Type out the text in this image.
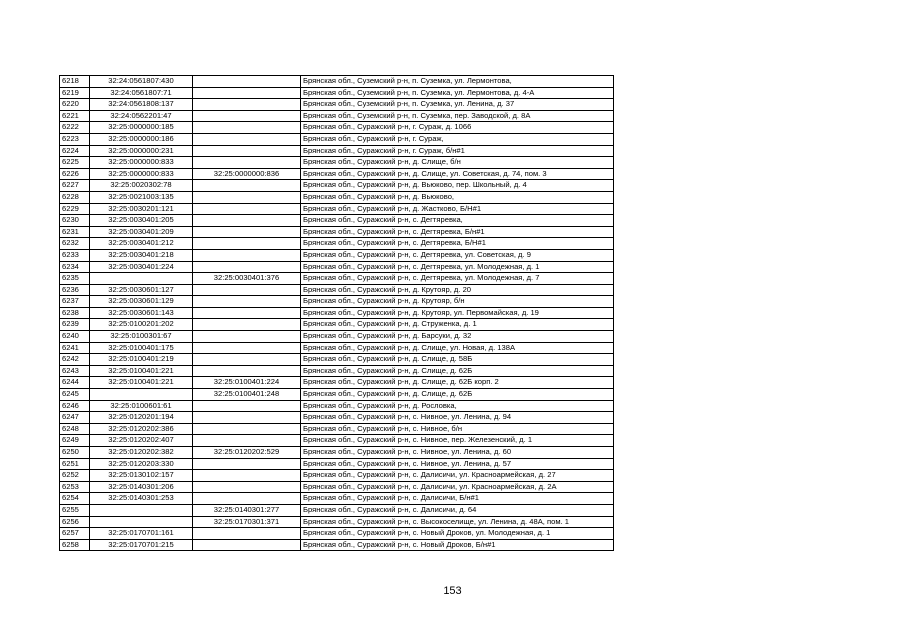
6218	32:24:0561807:430		Брянская обл., Суземский р-н, п. Суземка, ул. Лермонтова,
6219	32:24:0561807:71		Брянская обл., Суземский р-н, п. Суземка, ул. Лермонтова, д. 4-А
6220	32:24:0561808:137		Брянская обл., Суземский р-н, п. Суземка, ул. Ленина, д. 37
6221	32:24:0562201:47		Брянская обл., Суземский р-н, п. Суземка, пер. Заводской, д. 8А
6222	32:25:0000000:185		Брянская обл., Суражский р-н, г. Сураж, д. 1066
6223	32:25:0000000:186		Брянская обл., Суражский р-н, г. Сураж,
6224	32:25:0000000:231		Брянская обл., Суражский р-н, г. Сураж, б/н#1
6225	32:25:0000000:833		Брянская обл., Суражский р-н, д. Слище, б/н
6226	32:25:0000000:833	32:25:0000000:836	Брянская обл., Суражский р-н, д. Слище, ул. Советская, д. 74, пом. 3
6227	32:25:0020302:78		Брянская обл., Суражский р-н, д. Вьюково, пер. Школьный, д. 4
6228	32:25:0021003:135		Брянская обл., Суражский р-н, д. Вьюково,
6229	32:25:0030201:121		Брянская обл., Суражский р-н, д. Жастково, Б/Н#1
6230	32:25:0030401:205		Брянская обл., Суражский р-н, с. Дегтяревка,
6231	32:25:0030401:209		Брянская обл., Суражский р-н, с. Дегтяревка, Б/н#1
6232	32:25:0030401:212		Брянская обл., Суражский р-н, с. Дегтяревка, Б/Н#1
6233	32:25:0030401:218		Брянская обл., Суражский р-н, с. Дегтяревка, ул. Советская, д. 9
6234	32:25:0030401:224		Брянская обл., Суражский р-н, с. Дегтяревка, ул. Молодежная, д. 1
6235		32:25:0030401:376	Брянская обл., Суражский р-н, с. Дегтяревка, ул. Молодежная, д. 7
6236	32:25:0030601:127		Брянская обл., Суражский р-н, д. Крутояр, д. 20
6237	32:25:0030601:129		Брянская обл., Суражский р-н, д. Крутояр, б/н
6238	32:25:0030601:143		Брянская обл., Суражский р-н, д. Крутояр, ул. Первомайская, д. 19
6239	32:25:0100201:202		Брянская обл., Суражский р-н, д. Струженка, д. 1
6240	32:25:0100301:67		Брянская обл., Суражский р-н, д. Барсуки, д. 32
6241	32:25:0100401:175		Брянская обл., Суражский р-н, д. Слище, ул. Новая, д. 138А
6242	32:25:0100401:219		Брянская обл., Суражский р-н, д. Слище, д. 58Б
6243	32:25:0100401:221		Брянская обл., Суражский р-н, д. Слище, д. 62Б
6244	32:25:0100401:221	32:25:0100401:224	Брянская обл., Суражский р-н, д. Слище, д. 62Б корп. 2
6245		32:25:0100401:248	Брянская обл., Суражский р-н, д. Слище, д. 62Б
6246	32:25:0100601:61		Брянская обл., Суражский р-н, д. Рословка,
6247	32:25:0120201:194		Брянская обл., Суражский р-н, с. Нивное, ул. Ленина, д. 94
6248	32:25:0120202:386		Брянская обл., Суражский р-н, с. Нивное, б/н
6249	32:25:0120202:407		Брянская обл., Суражский р-н, с. Нивное, пер. Железенский, д. 1
6250	32:25:0120202:382	32:25:0120202:529	Брянская обл., Суражский р-н, с. Нивное, ул. Ленина, д. 60
6251	32:25:0120203:330		Брянская обл., Суражский р-н, с. Нивное, ул. Ленина, д. 57
6252	32:25:0130102:157		Брянская обл., Суражский р-н, с. Далисичи, ул. Красноармейская, д. 27
6253	32:25:0140301:206		Брянская обл., Суражский р-н, с. Далисичи, ул. Красноармейская, д. 2А
6254	32:25:0140301:253		Брянская обл., Суражский р-н, с. Далисичи, Б/н#1
6255		32:25:0140301:277	Брянская обл., Суражский р-н, с. Далисичи, д. 64
6256		32:25:0170301:371	Брянская обл., Суражский р-н, с. Высокоселище, ул. Ленина, д. 48А, пом. 1
6257	32:25:0170701:161		Брянская обл., Суражский р-н, с. Новый Дроков, ул. Молодежная, д. 1
6258	32:25:0170701:215		Брянская обл., Суражский р-н, с. Новый Дроков, Б/н#1
153
